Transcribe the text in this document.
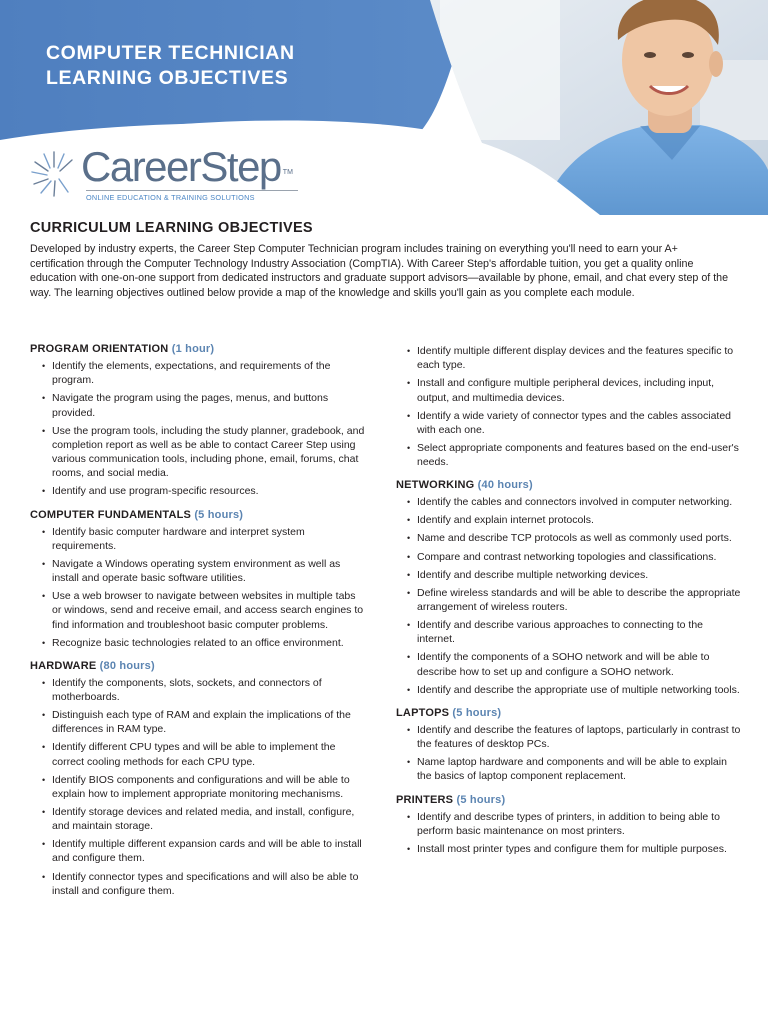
COMPUTER TECHNICIAN
LEARNING OBJECTIVES
CareerStep ™
ONLINE EDUCATION & TRAINING SOLUTIONS
CURRICULUM LEARNING OBJECTIVES

Developed by industry experts, the Career Step Computer Technician program includes training on everything you'll need to earn your A+ certification through the Computer Technology Industry Association (CompTIA). With Career Step's affordable tuition, you get a quality online education with one-on-one support from dedicated instructors and graduate support advisors—available by phone, email, and chat every step of the way. The learning objectives outlined below provide a map of the knowledge and skills you'll gain as you complete each module.

PROGRAM ORIENTATION (1 hour)
• Identify the elements, expectations, and requirements of the program.
• Navigate the program using the pages, menus, and buttons provided.
• Use the program tools, including the study planner, gradebook, and completion report as well as be able to contact Career Step using various communication tools, including phone, email, forums, chat rooms, and social media.
• Identify and use program-specific resources.
COMPUTER FUNDAMENTALS (5 hours)
• Identify basic computer hardware and interpret system requirements.
• Navigate a Windows operating system environment as well as install and operate basic software utilities.
• Use a web browser to navigate between websites in multiple tabs or windows, send and receive email, and access search engines to find information and troubleshoot basic computer problems.
• Recognize basic technologies related to an office environment.
HARDWARE (80 hours)
• Identify the components, slots, sockets, and connectors of motherboards.
• Distinguish each type of RAM and explain the implications of the differences in RAM type.
• Identify different CPU types and will be able to implement the correct cooling methods for each CPU type.
• Identify BIOS components and configurations and will be able to explain how to implement appropriate monitoring mechanisms.
• Identify storage devices and related media, and install, configure, and maintain storage.
• Identify multiple different expansion cards and will be able to install and configure them.
• Identify connector types and specifications and will also be able to install and configure them.
• Identify multiple different display devices and the features specific to each type.
• Install and configure multiple peripheral devices, including input, output, and multimedia devices.
• Identify a wide variety of connector types and the cables associated with each one.
• Select appropriate components and features based on the end-user's needs.
NETWORKING (40 hours)
• Identify the cables and connectors involved in computer networking.
• Identify and explain internet protocols.
• Name and describe TCP protocols as well as commonly used ports.
• Compare and contrast networking topologies and classifications.
• Identify and describe multiple networking devices.
• Define wireless standards and will be able to describe the appropriate arrangement of wireless routers.
• Identify and describe various approaches to connecting to the internet.
• Identify the components of a SOHO network and will be able to describe how to set up and configure a SOHO network.
• Identify and describe the appropriate use of multiple networking tools.
LAPTOPS (5 hours)
• Identify and describe the features of laptops, particularly in contrast to the features of desktop PCs.
• Name laptop hardware and components and will be able to explain the basics of laptop component replacement.
PRINTERS (5 hours)
• Identify and describe types of printers, in addition to being able to perform basic maintenance on most printers.
• Install most printer types and configure them for multiple purposes.
